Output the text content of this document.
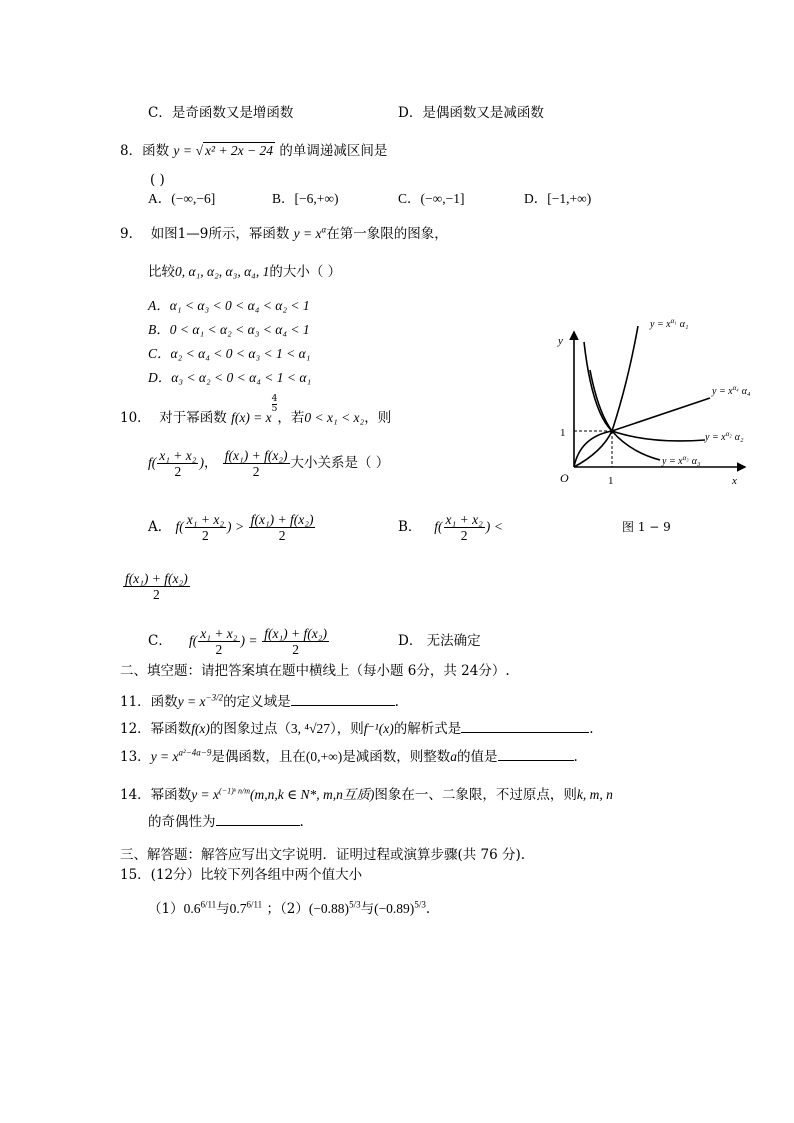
C．是奇函数又是增函数	D．是偶函数又是减函数
8．函数 y = √ x² + 2x − 24 的单调递减区间是
( )
A．(−∞,−6]	B．[−6,+∞)	C．(−∞,−1]	D．[−1,+∞)
9． 如图1—9所示，幂函数 $y = x^\alpha$在第一象限的图象，
比较0, α₁, α₂, α₃, α₄, 1的大小（ ）
A．α₁ < α₃ < 0 < α₄ < α₂ < 1
B．0 < α₁ < α₂ < α₃ < α₄ < 1
C．α₂ < α₄ < 0 < α₃ < 1 < α₁
D．α₃ < α₂ < 0 < α₄ < 1 < α₁
y
x
O	1
1
$y = x^{\alpha_1}$ α₁
$y = x^{\alpha_4}$ α₄
$y = x^{\alpha_2}$ α₂
$y = x^{\alpha_3}$ α₃
图 1 − 9
10． 对于幂函数 f(x) = x
$\frac{4}{5}$
，若0 < x₁ < x₂，则
$f( \frac{\text{x₁ + x₂}}{2}$ )， $\frac{\text{f(x₁) + f(x₂)}}{2}$ 大小关系是（ ）
A． $f( \frac{\text{x₁ + x₂}}{2}$ ) > $\frac{\text{f(x₁) + f(x₂)}}{2}$	B． $f( \frac{\text{x₁ + x₂}}{2}$ ) <
$\frac{\text{f(x₁) + f(x₂)}}{2}$
C． $f( \frac{\text{x₁ + x₂}}{2}$ ) = $\frac{\text{f(x₁) + f(x₂)}}{2}$	D． 无法确定
二、填空题：请把答案填在题中横线上（每小题 6分，共 24分）.
11．函数$y = x^{-3/2}$的定义域是	.
12．幂函数f(x)的图象过点（3, ⁴√27），则f⁻¹(x)的解析式是	.
13．$y = x^{a^2-4a-9}$是偶函数，且在(0,+∞)是减函数，则整数a的值是	.
14．幂函数$y = x^{(-1)ᵏ n/m}(m,n,k$ ∈ N*, m,n互质)图象在一、二象限，不过原点，则k, m, n
的奇偶性为	.
三、解答题：解答应写出文字说明．证明过程或演算步骤(共 76 分).
15．(12分）比较下列各组中两个值大小
$(1)0.6^{6/11}$与$0.7^{6/11}$ ；$(2)(-0.88)^{5/3}$与$(-0.89)^{5/3}$.
